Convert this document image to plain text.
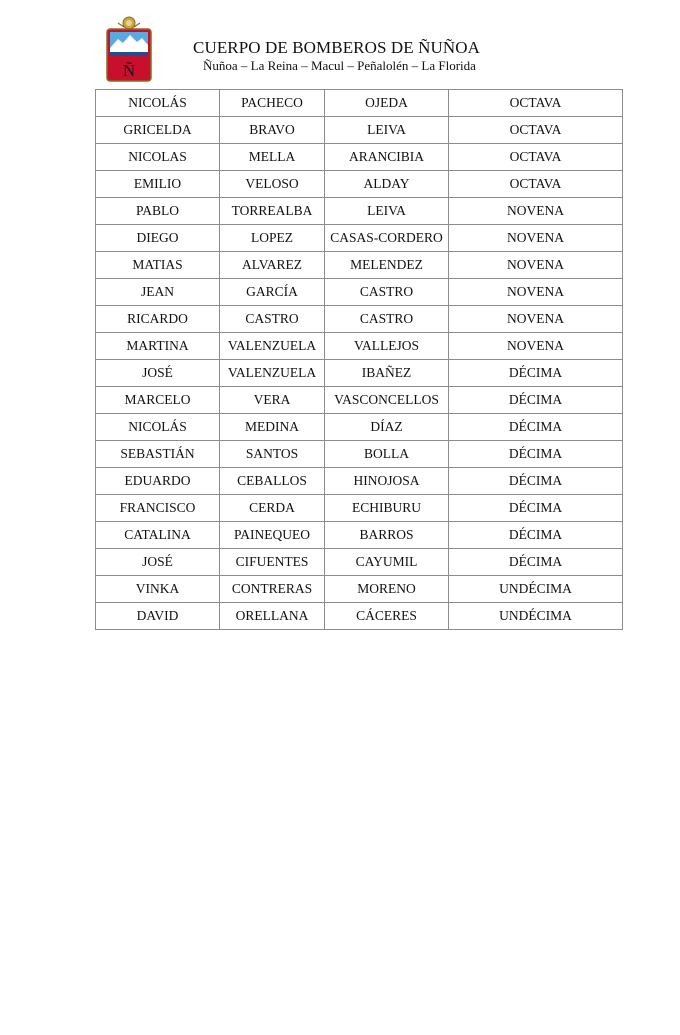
Ñ
CUERPO DE BOMBEROS DE ÑUÑOA
Ñuñoa – La Reina – Macul – Peñalolén – La Florida
NICOLÁS	PACHECO	OJEDA	OCTAVA
GRICELDA	BRAVO	LEIVA	OCTAVA
NICOLAS	MELLA	ARANCIBIA	OCTAVA
EMILIO	VELOSO	ALDAY	OCTAVA
PABLO	TORREALBA	LEIVA	NOVENA
DIEGO	LOPEZ	CASAS-CORDERO	NOVENA
MATIAS	ALVAREZ	MELENDEZ	NOVENA
JEAN	GARCÍA	CASTRO	NOVENA
RICARDO	CASTRO	CASTRO	NOVENA
MARTINA	VALENZUELA	VALLEJOS	NOVENA
JOSÉ	VALENZUELA	IBAÑEZ	DÉCIMA
MARCELO	VERA	VASCONCELLOS	DÉCIMA
NICOLÁS	MEDINA	DÍAZ	DÉCIMA
SEBASTIÁN	SANTOS	BOLLA	DÉCIMA
EDUARDO	CEBALLOS	HINOJOSA	DÉCIMA
FRANCISCO	CERDA	ECHIBURU	DÉCIMA
CATALINA	PAINEQUEO	BARROS	DÉCIMA
JOSÉ	CIFUENTES	CAYUMIL	DÉCIMA
VINKA	CONTRERAS	MORENO	UNDÉCIMA
DAVID	ORELLANA	CÁCERES	UNDÉCIMA
